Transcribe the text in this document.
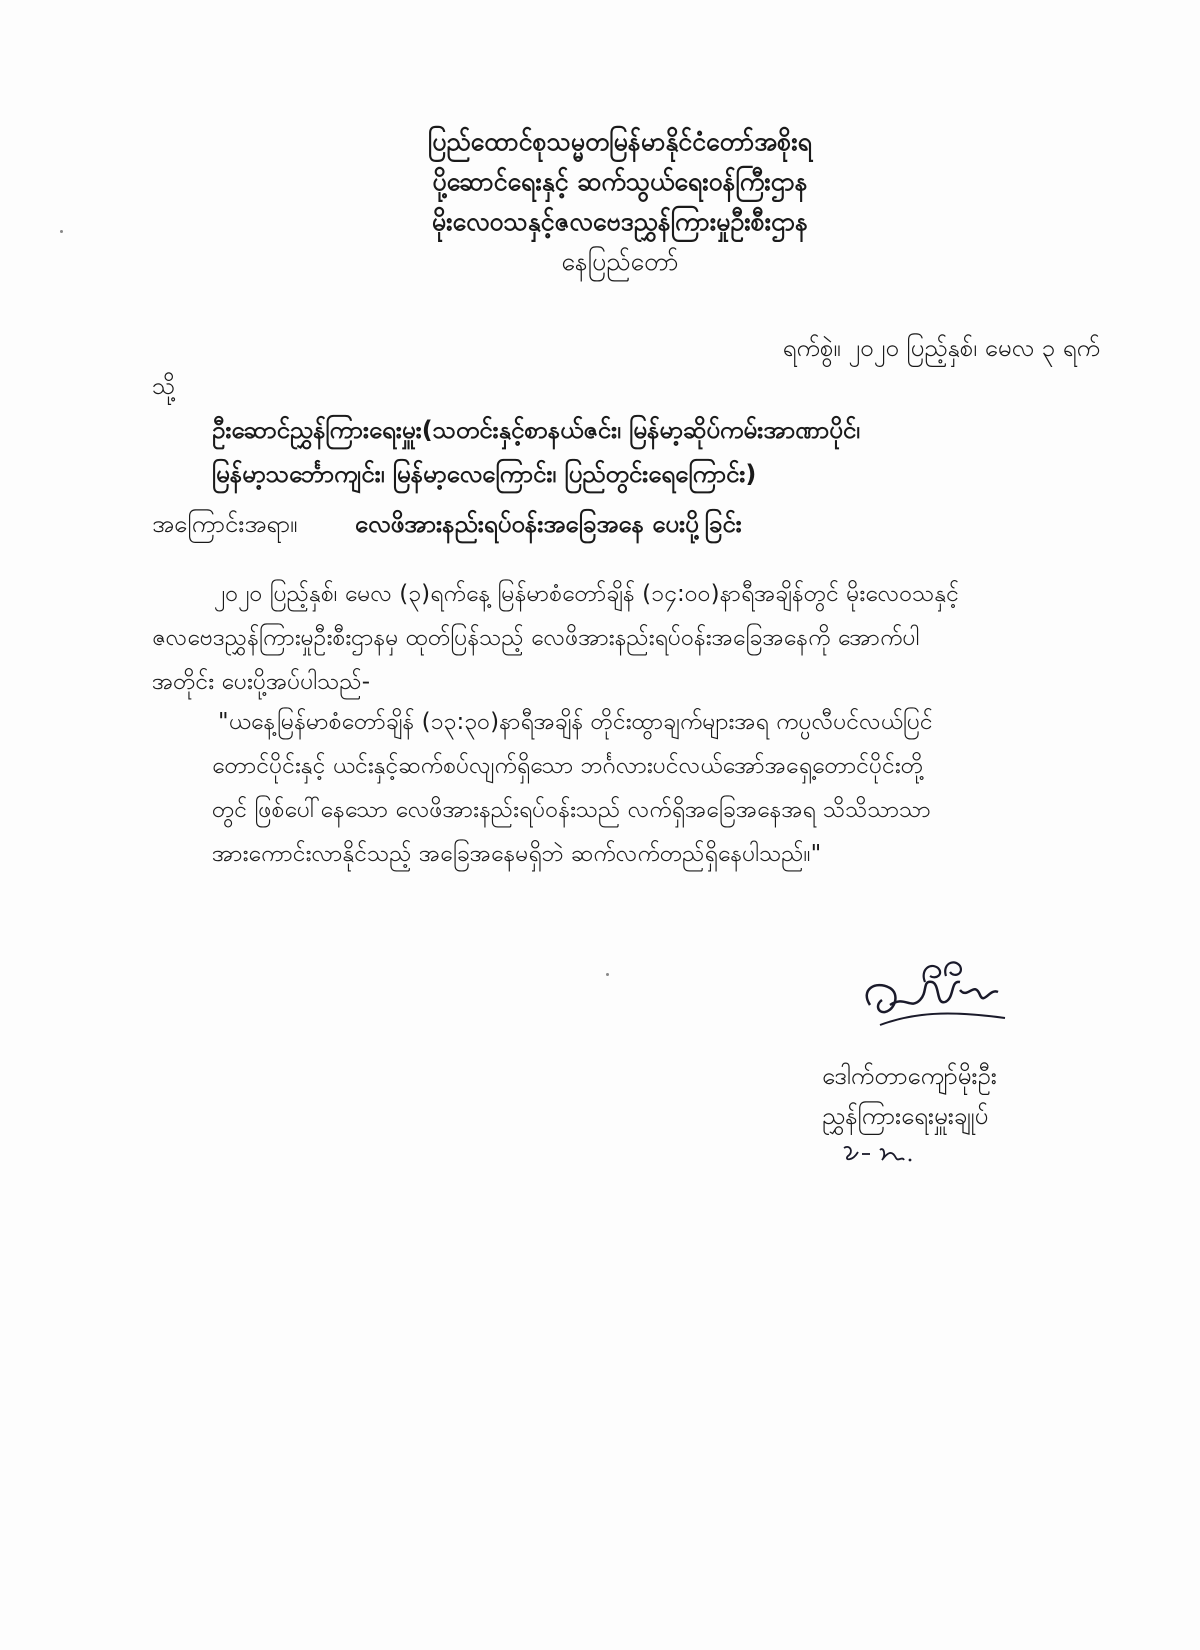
ပြည်ထောင်စုသမ္မတမြန်မာနိုင်ငံတော်အစိုးရ
ပို့ဆောင်ရေးနှင့် ဆက်သွယ်ရေးဝန်ကြီးဌာန
မိုးလေဝသနှင့်ဇလဗေဒညွှန်ကြားမှုဦးစီးဌာန
နေပြည်တော်
ရက်စွဲ။ ၂၀၂၀ ပြည့်နှစ်၊ မေလ ၃ ရက်
သို့
ဦးဆောင်ညွှန်ကြားရေးမှူး(သတင်းနှင့်စာနယ်ဇင်း၊ မြန်မာ့ဆိုပ်ကမ်းအာဏာပိုင်၊
မြန်မာ့သင်္ဘောကျင်း၊ မြန်မာ့လေကြောင်း၊ ပြည်တွင်းရေကြောင်း)
အကြောင်းအရာ။ လေဖိအားနည်းရပ်ဝန်းအခြေအနေ ပေးပို့ခြင်း
၂၀၂၀ ပြည့်နှစ်၊ မေလ (၃)ရက်နေ့ မြန်မာစံတော်ချိန် (၁၄:၀၀)နာရီအချိန်တွင် မိုးလေဝသနှင့်
ဇလဗေဒညွှန်ကြားမှုဦးစီးဌာနမှ ထုတ်ပြန်သည့် လေဖိအားနည်းရပ်ဝန်းအခြေအနေကို အောက်ပါ
အတိုင်း ပေးပို့အပ်ပါသည်-
"ယနေ့မြန်မာစံတော်ချိန် (၁၃:၃၀)နာရီအချိန် တိုင်းထွာချက်များအရ ကပ္ပလီပင်လယ်ပြင်
တောင်ပိုင်းနှင့် ယင်းနှင့်ဆက်စပ်လျက်ရှိသော ဘင်္ဂလားပင်လယ်အော်အရှေ့တောင်ပိုင်းတို့
တွင် ဖြစ်ပေါ်နေသော လေဖိအားနည်းရပ်ဝန်းသည် လက်ရှိအခြေအနေအရ သိသိသာသာ
အားကောင်းလာနိုင်သည့် အခြေအနေမရှိဘဲ ဆက်လက်တည်ရှိနေပါသည်။"
ဒေါက်တာကျော်မိုးဦး
ညွှန်ကြားရေးမှူးချုပ်
